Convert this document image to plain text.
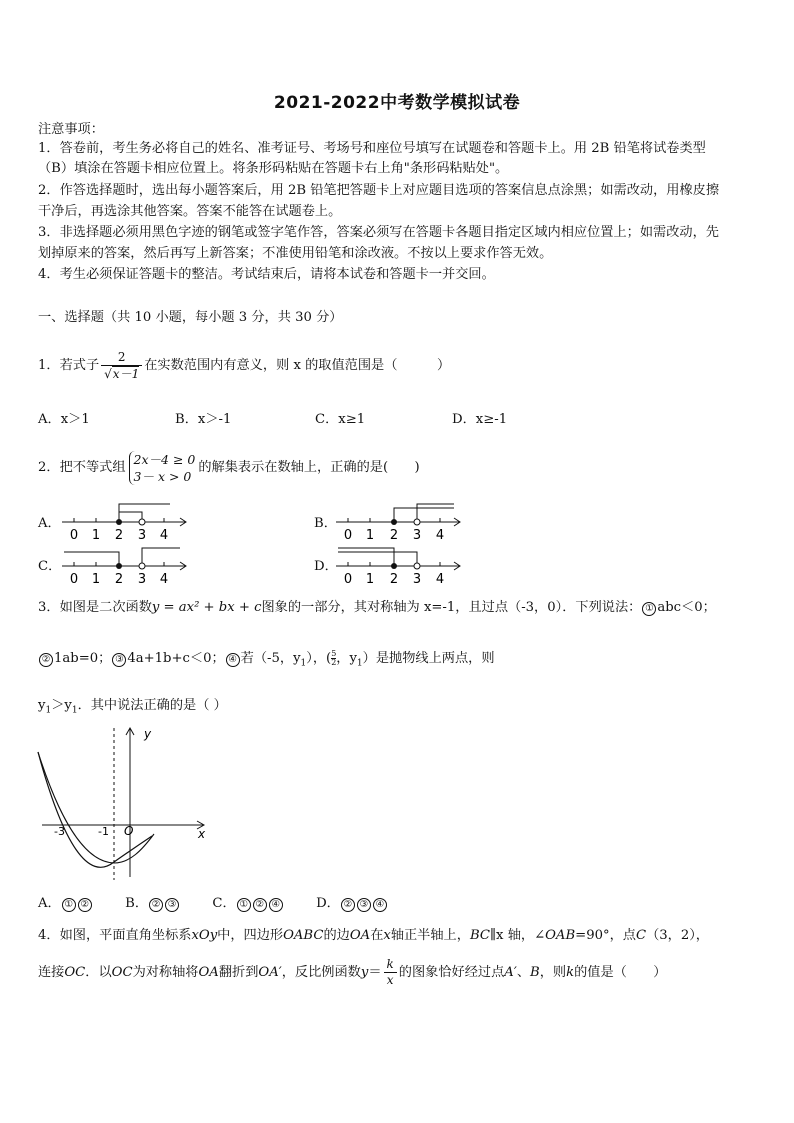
2021-2022中考数学模拟试卷
注意事项：
1．答卷前，考生务必将自己的姓名、准考证号、考场号和座位号填写在试题卷和答题卡上。用 2B 铅笔将试卷类型
（B）填涂在答题卡相应位置上。将条形码粘贴在答题卡右上角"条形码粘贴处"。
2．作答选择题时，选出每小题答案后，用 2B 铅笔把答题卡上对应题目选项的答案信息点涂黑；如需改动，用橡皮擦
干净后，再选涂其他答案。答案不能答在试题卷上。
3．非选择题必须用黑色字迹的钢笔或签字笔作答，答案必须写在答题卡各题目指定区域内相应位置上；如需改动，先
划掉原来的答案，然后再写上新答案；不准使用铅笔和涂改液。不按以上要求作答无效。
4．考生必须保证答题卡的整洁。考试结束后，请将本试卷和答题卡一并交回。
一、选择题（共 10 小题，每小题 3 分，共 30 分）
1．若式子 $\frac{2}{√x-1}$ 在实数范围内有意义，则 x 的取值范围是（　　　）
A．x＞1	B．x＞-1	C．x≥1	D．x≥-1
2．把不等式组
2x－4 ≥ 0
3－ x > 0
的解集表示在数轴上，正确的是(　　)
A．	B．
C．	D．
0 1 2 3 4	0 1 2 3 4
0 1 2 3 4	0 1 2 3 4
3．如图是二次函数y = ax² + bx + c图象的一部分，其对称轴为 x=-1，且过点（-3，0）．下列说法： ① abc＜0；
② 1ab=0； ③ 4a+1b+c＜0； ④ 若（-5，$y_1$），( $\frac{5}{2}$ ，$y_1$）是抛物线上两点，则
$y_1>y_1$．其中说法正确的是（ ）
y
x
O
-3	-1
A． ① ②	B． ② ③	C． ① ② ④	D． ② ③ ④
4．如图，平面直角坐标系xOy中，四边形OABC的边OA在x轴正半轴上，BC∥x 轴，∠OAB=90°，点C（3，2），
连接OC．以OC为对称轴将OA翻折到OA′，反比例函数$y= \frac{k}{x}$ 的图象恰好经过点A′、B，则k的值是（　　）
